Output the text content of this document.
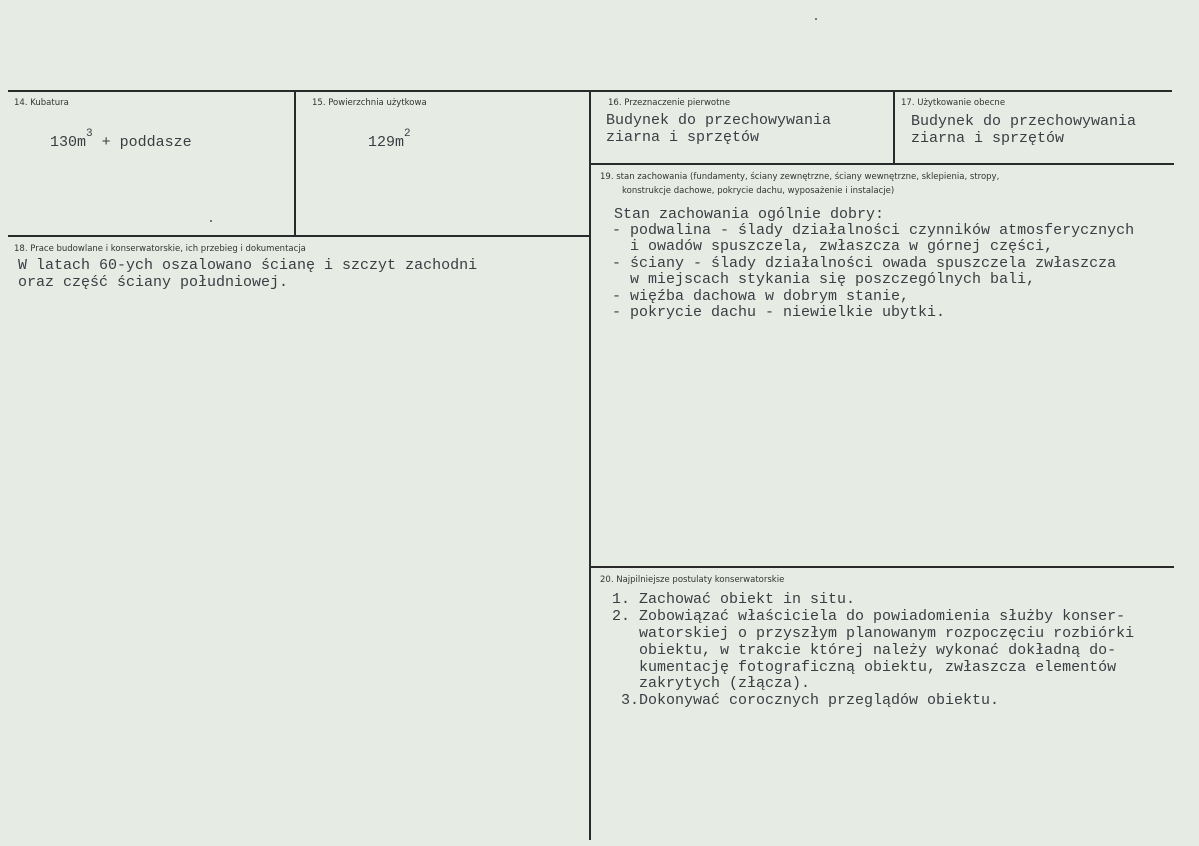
14. Kubatura
$130m^3$ + poddasze
15. Powierzchnia użytkowa
$129m^2$
16. Przeznaczenie pierwotne
Budynek do przechowywania
ziarna i sprzętów
17. Użytkowanie obecne
Budynek do przechowywania
ziarna i sprzętów
18. Prace budowlane i konserwatorskie, ich przebieg i dokumentacja
W latach 60-ych oszalowano ścianę i szczyt zachodni
oraz część ściany południowej.
19. stan zachowania (fundamenty, ściany zewnętrzne, ściany wewnętrzne, sklepienia, stropy,
konstrukcje dachowe, pokrycie dachu, wyposażenie i instalacje)
Stan zachowania ogólnie dobry:
- podwalina - ślady działalności czynników atmosferycznych
i owadów spuszczela, zwłaszcza w górnej części,
- ściany - ślady działalności owada spuszczela zwłaszcza
w miejscach stykania się poszczególnych bali,
- więźba dachowa w dobrym stanie,
- pokrycie dachu - niewielkie ubytki.
20. Najpilniejsze postulaty konserwatorskie
1. Zachować obiekt in situ.
2. Zobowiązać właściciela do powiadomienia służby konser-
watorskiej o przyszłym planowanym rozpoczęciu rozbiórki
obiektu, w trakcie której należy wykonać dokładną do-
kumentację fotograficzną obiektu, zwłaszcza elementów
zakrytych (złącza).
3.Dokonywać corocznych przeglądów obiektu.
